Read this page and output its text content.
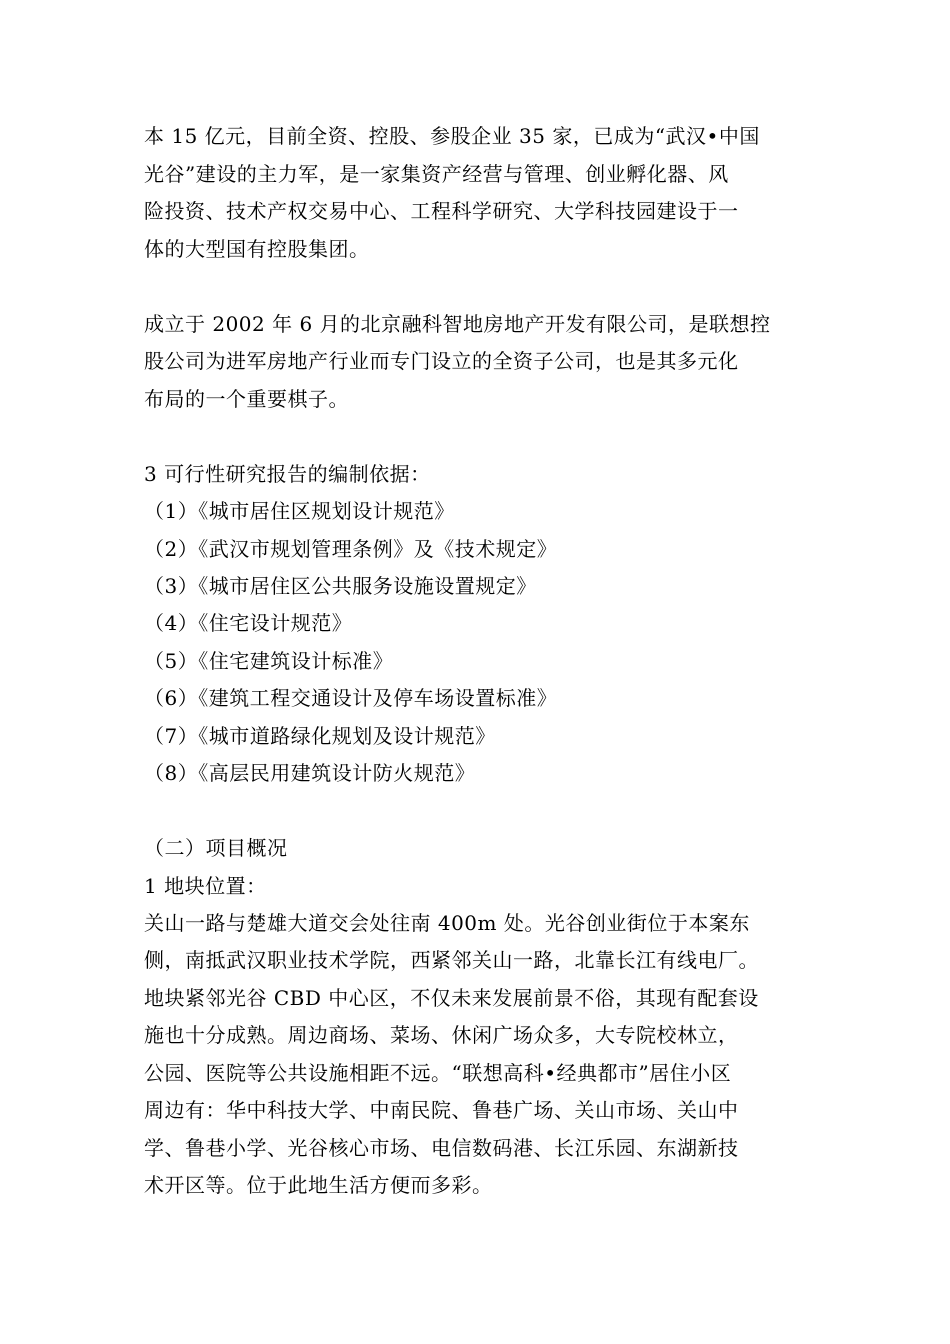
本 15 亿元，目前全资、控股、参股企业 35 家，已成为“武汉•中国
光谷”建设的主力军，是一家集资产经营与管理、创业孵化器、风
险投资、技术产权交易中心、工程科学研究、大学科技园建设于一
体的大型国有控股集团。
成立于 2002 年 6 月的北京融科智地房地产开发有限公司，是联想控
股公司为进军房地产行业而专门设立的全资子公司，也是其多元化
布局的一个重要棋子。
3 可行性研究报告的编制依据：
（1）《城市居住区规划设计规范》
（2）《武汉市规划管理条例》及《技术规定》
（3）《城市居住区公共服务设施设置规定》
（4）《住宅设计规范》
（5）《住宅建筑设计标准》
（6）《建筑工程交通设计及停车场设置标准》
（7）《城市道路绿化规划及设计规范》
（8）《高层民用建筑设计防火规范》
（二）项目概况
1 地块位置：
关山一路与楚雄大道交会处往南 400m 处。光谷创业街位于本案东
侧，南抵武汉职业技术学院，西紧邻关山一路，北靠长江有线电厂。
地块紧邻光谷 CBD 中心区，不仅未来发展前景不俗，其现有配套设
施也十分成熟。周边商场、菜场、休闲广场众多，大专院校林立，
公园、医院等公共设施相距不远。“联想高科•经典都市”居住小区
周边有：华中科技大学、中南民院、鲁巷广场、关山市场、关山中
学、鲁巷小学、光谷核心市场、电信数码港、长江乐园、东湖新技
术开区等。位于此地生活方便而多彩。
